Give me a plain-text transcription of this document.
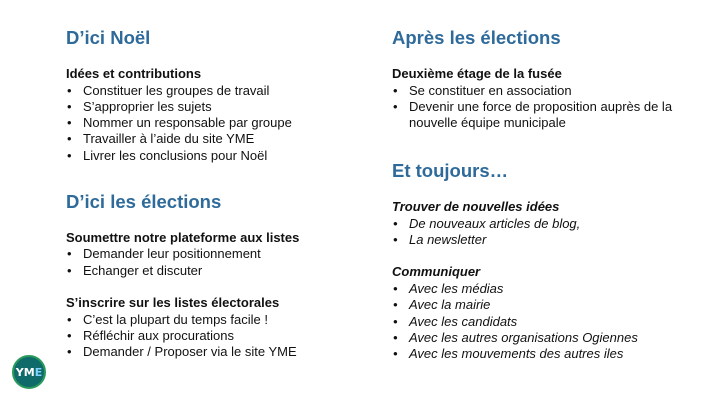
D’ici Noël

Idées et contributions

• Constituer les groupes de travail
• S’approprier les sujets
• Nommer un responsable par groupe
• Travailler à l’aide du site YME
• Livrer les conclusions pour Noël
D’ici les élections

Soumettre notre plateforme aux listes

• Demander leur positionnement
• Echanger et discuter

S’inscrire sur les listes électorales

• C’est la plupart du temps facile !
• Réfléchir aux procurations
• Demander / Proposer via le site YME
Après les élections

Deuxième étage de la fusée

• Se constituer en association
• Devenir une force de proposition auprès de la nouvelle équipe municipale
Et toujours…

Trouver de nouvelles idées

• De nouveaux articles de blog,
• La newsletter

Communiquer

• Avec les médias
• Avec la mairie
• Avec les candidats
• Avec les autres organisations Ogiennes
• Avec les mouvements des autres iles
YME
